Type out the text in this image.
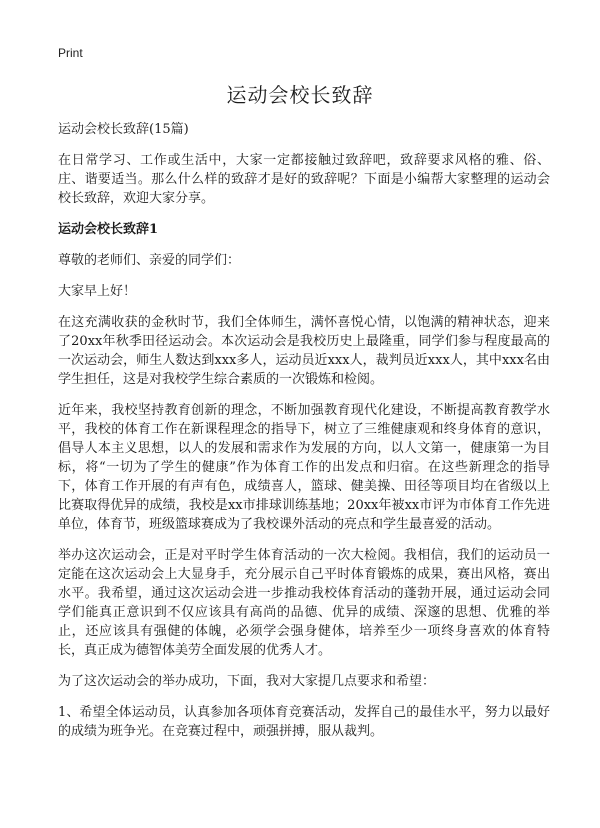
Print
运动会校长致辞

运动会校长致辞(15篇)

在日常学习、工作或生活中，大家一定都接触过致辞吧，致辞要求风格的雅、俗、庄、谐要适当。那么什么样的致辞才是好的致辞呢？下面是小编帮大家整理的运动会校长致辞，欢迎大家分享。

运动会校长致辞1

尊敬的老师们、亲爱的同学们：

大家早上好！

在这充满收获的金秋时节，我们全体师生，满怀喜悦心情，以饱满的精神状态，迎来了20xx年秋季田径运动会。本次运动会是我校历史上最隆重，同学们参与程度最高的一次运动会，师生人数达到xxx多人，运动员近xxx人，裁判员近xxx人，其中xxx名由学生担任，这是对我校学生综合素质的一次锻炼和检阅。

近年来，我校坚持教育创新的理念，不断加强教育现代化建设，不断提高教育教学水平，我校的体育工作在新课程理念的指导下，树立了三维健康观和终身体育的意识，倡导人本主义思想，以人的发展和需求作为发展的方向，以人文第一，健康第一为目标，将“一切为了学生的健康”作为体育工作的出发点和归宿。在这些新理念的指导下，体育工作开展的有声有色，成绩喜人，篮球、健美操、田径等项目均在省级以上比赛取得优异的成绩，我校是xx市排球训练基地；20xx年被xx市评为市体育工作先进单位，体育节，班级篮球赛成为了我校课外活动的亮点和学生最喜爱的活动。

举办这次运动会，正是对平时学生体育活动的一次大检阅。我相信，我们的运动员一定能在这次运动会上大显身手，充分展示自己平时体育锻炼的成果，赛出风格，赛出水平。我希望，通过这次运动会进一步推动我校体育活动的蓬勃开展，通过运动会同学们能真正意识到不仅应该具有高尚的品德、优异的成绩、深邃的思想、优雅的举止，还应该具有强健的体魄，必须学会强身健体，培养至少一项终身喜欢的体育特长，真正成为德智体美劳全面发展的优秀人才。

为了这次运动会的举办成功，下面，我对大家提几点要求和希望：

1、希望全体运动员，认真参加各项体育竞赛活动，发挥自己的最佳水平，努力以最好的成绩为班争光。在竞赛过程中，顽强拼搏，服从裁判。
